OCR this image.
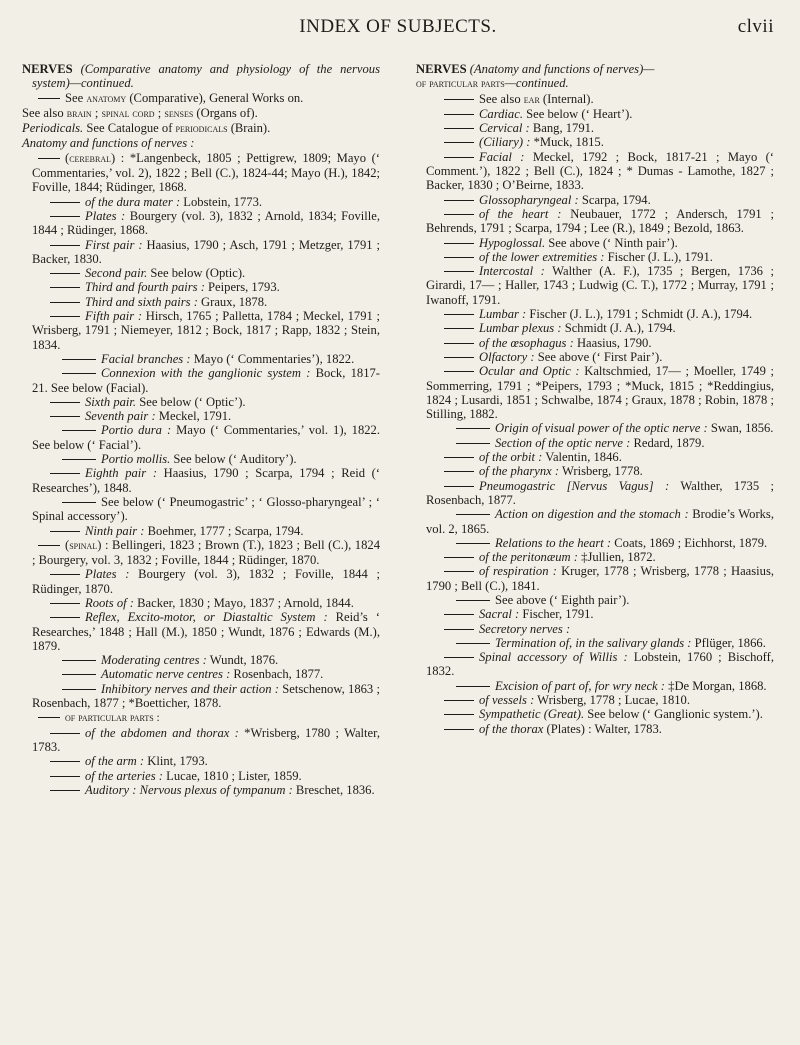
INDEX OF SUBJECTS.	clvii

NERVES (Comparative anatomy and physiology of the nervous system)—continued.

See anatomy (Comparative), General Works on.

See also brain ; spinal cord ; senses (Organs of).

Periodicals. See Catalogue of periodicals (Brain).

Anatomy and functions of nerves :

(cerebral) : *Langenbeck, 1805 ; Pettigrew, 1809; Mayo (‘ Commentaries,’ vol. 2), 1822 ; Bell (C.), 1824-44; Mayo (H.), 1842; Foville, 1844; Rüdinger, 1868.

of the dura mater : Lobstein, 1773.

Plates : Bourgery (vol. 3), 1832 ; Arnold, 1834; Foville, 1844 ; Rüdinger, 1868.

First pair : Haasius, 1790 ; Asch, 1791 ; Metzger, 1791 ; Backer, 1830.

Second pair. See below (Optic).

Third and fourth pairs : Peipers, 1793.

Third and sixth pairs : Graux, 1878.

Fifth pair : Hirsch, 1765 ; Palletta, 1784 ; Meckel, 1791 ; Wrisberg, 1791 ; Niemeyer, 1812 ; Bock, 1817 ; Rapp, 1832 ; Stein, 1834.

Facial branches : Mayo (‘ Commentaries’), 1822.

Connexion with the ganglionic system : Bock, 1817-21. See below (Facial).

Sixth pair. See below (‘ Optic’).

Seventh pair : Meckel, 1791.

Portio dura : Mayo (‘ Commentaries,’ vol. 1), 1822. See below (‘ Facial’).

Portio mollis. See below (‘ Auditory’).

Eighth pair : Haasius, 1790 ; Scarpa, 1794 ; Reid (‘ Researches’), 1848.

See below (‘ Pneumogastric’ ; ‘ Glosso-pharyngeal’ ; ‘ Spinal accessory’).

Ninth pair : Boehmer, 1777 ; Scarpa, 1794.

(spinal) : Bellingeri, 1823 ; Brown (T.), 1823 ; Bell (C.), 1824 ; Bourgery, vol. 3, 1832 ; Foville, 1844 ; Rüdinger, 1870.

Plates : Bourgery (vol. 3), 1832 ; Foville, 1844 ; Rüdinger, 1870.

Roots of : Backer, 1830 ; Mayo, 1837 ; Arnold, 1844.

Reflex, Excito-motor, or Diastaltic System : Reid’s ‘ Researches,’ 1848 ; Hall (M.), 1850 ; Wundt, 1876 ; Edwards (M.), 1879.

Moderating centres : Wundt, 1876.

Automatic nerve centres : Rosenbach, 1877.

Inhibitory nerves and their action : Setschenow, 1863 ; Rosenbach, 1877 ; *Boetticher, 1878.

of particular parts :

of the abdomen and thorax : *Wrisberg, 1780 ; Walter, 1783.

of the arm : Klint, 1793.

of the arteries : Lucae, 1810 ; Lister, 1859.

Auditory : Nervous plexus of tympanum : Breschet, 1836.

NERVES (Anatomy and functions of nerves)—

of particular parts—continued.

See also ear (Internal).

Cardiac. See below (‘ Heart’).

Cervical : Bang, 1791.

(Ciliary) : *Muck, 1815.

Facial : Meckel, 1792 ; Bock, 1817-21 ; Mayo (‘ Comment.’), 1822 ; Bell (C.), 1824 ; * Dumas - Lamothe, 1827 ; Backer, 1830 ; O’Beirne, 1833.

Glossopharyngeal : Scarpa, 1794.

of the heart : Neubauer, 1772 ; Andersch, 1791 ; Behrends, 1791 ; Scarpa, 1794 ; Lee (R.), 1849 ; Bezold, 1863.

Hypoglossal. See above (‘ Ninth pair’).

of the lower extremities : Fischer (J. L.), 1791.

Intercostal : Walther (A. F.), 1735 ; Bergen, 1736 ; Girardi, 17— ; Haller, 1743 ; Ludwig (C. T.), 1772 ; Murray, 1791 ; Iwanoff, 1791.

Lumbar : Fischer (J. L.), 1791 ; Schmidt (J. A.), 1794.

Lumbar plexus : Schmidt (J. A.), 1794.

of the œsophagus : Haasius, 1790.

Olfactory : See above (‘ First Pair’).

Ocular and Optic : Kaltschmied, 17— ; Moeller, 1749 ; Sommerring, 1791 ; *Peipers, 1793 ; *Muck, 1815 ; *Reddingius, 1824 ; Lusardi, 1851 ; Schwalbe, 1874 ; Graux, 1878 ; Robin, 1878 ; Stilling, 1882.

Origin of visual power of the optic nerve : Swan, 1856.

Section of the optic nerve : Redard, 1879.

of the orbit : Valentin, 1846.

of the pharynx : Wrisberg, 1778.

Pneumogastric [Nervus Vagus] : Walther, 1735 ; Rosenbach, 1877.

Action on digestion and the stomach : Brodie’s Works, vol. 2, 1865.

Relations to the heart : Coats, 1869 ; Eichhorst, 1879.

of the peritonæum : ‡Jullien, 1872.

of respiration : Kruger, 1778 ; Wrisberg, 1778 ; Haasius, 1790 ; Bell (C.), 1841.

See above (‘ Eighth pair’).

Sacral : Fischer, 1791.

Secretory nerves :

Termination of, in the salivary glands : Pflüger, 1866.

Spinal accessory of Willis : Lobstein, 1760 ; Bischoff, 1832.

Excision of part of, for wry neck : ‡De Morgan, 1868.

of vessels : Wrisberg, 1778 ; Lucae, 1810.

Sympathetic (Great). See below (‘ Ganglionic system.’).

of the thorax (Plates) : Walter, 1783.
